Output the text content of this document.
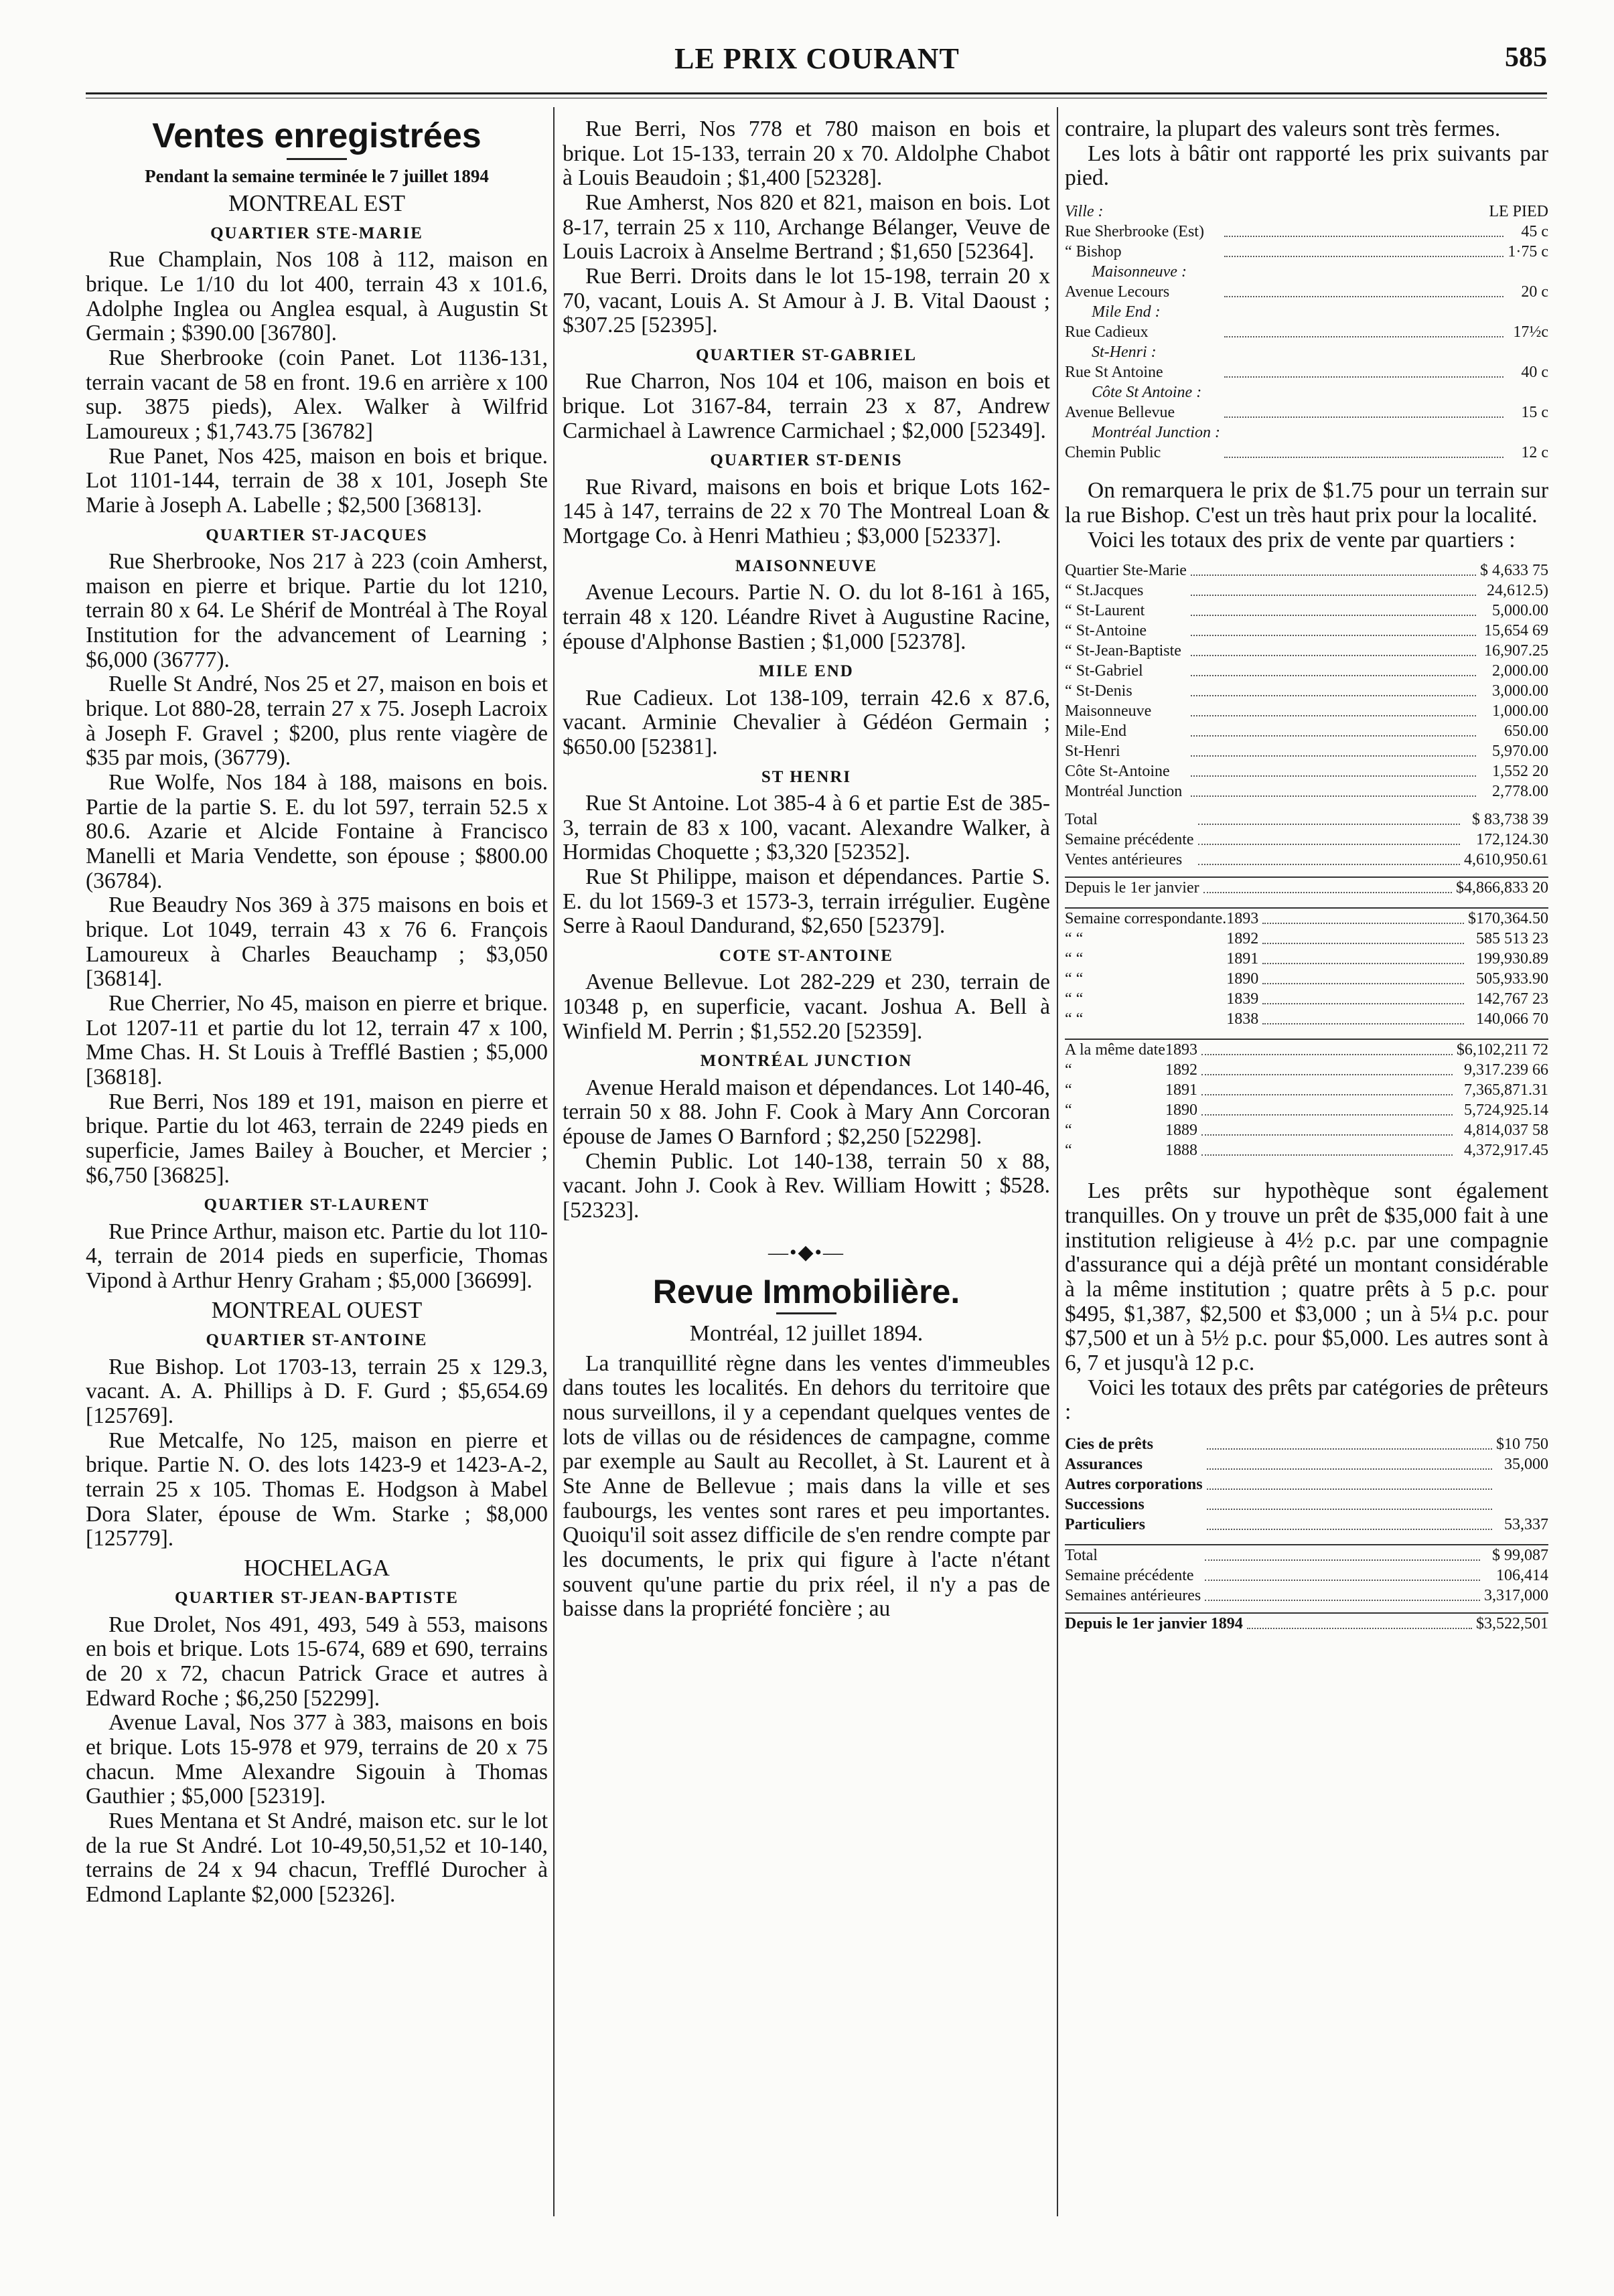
LE PRIX COURANT	585
Ventes enregistrées
Pendant la semaine terminée le 7 juillet 1894
MONTREAL EST
QUARTIER STE-MARIE

Rue Champlain, Nos 108 à 112, maison en brique. Le 1/10 du lot 400, terrain 43 x 101.6, Adolphe Inglea ou Anglea esqual, à Augustin St Germain ; $390.00 [36780].

Rue Sherbrooke (coin Panet. Lot 1136-131, terrain vacant de 58 en front. 19.6 en arrière x 100 sup. 3875 pieds), Alex. Walker à Wilfrid Lamoureux ; $1,743.75 [36782]

Rue Panet, Nos 425, maison en bois et brique. Lot 1101-144, terrain de 38 x 101, Joseph Ste Marie à Joseph A. Labelle ; $2,500 [36813].

QUARTIER ST-JACQUES

Rue Sherbrooke, Nos 217 à 223 (coin Amherst, maison en pierre et brique. Partie du lot 1210, terrain 80 x 64. Le Shérif de Montréal à The Royal Institution for the advancement of Learning ; $6,000 (36777).

Ruelle St André, Nos 25 et 27, maison en bois et brique. Lot 880-28, terrain 27 x 75. Joseph Lacroix à Joseph F. Gravel ; $200, plus rente viagère de $35 par mois, (36779).

Rue Wolfe, Nos 184 à 188, maisons en bois. Partie de la partie S. E. du lot 597, terrain 52.5 x 80.6. Azarie et Alcide Fontaine à Francisco Manelli et Maria Vendette, son épouse ; $800.00 (36784).

Rue Beaudry Nos 369 à 375 maisons en bois et brique. Lot 1049, terrain 43 x 76 6. François Lamoureux à Charles Beauchamp ; $3,050 [36814].

Rue Cherrier, No 45, maison en pierre et brique. Lot 1207-11 et partie du lot 12, terrain 47 x 100, Mme Chas. H. St Louis à Trefflé Bastien ; $5,000 [36818].

Rue Berri, Nos 189 et 191, maison en pierre et brique. Partie du lot 463, terrain de 2249 pieds en superficie, James Bailey à Boucher, et Mercier ; $6,750 [36825].

QUARTIER ST-LAURENT

Rue Prince Arthur, maison etc. Partie du lot 110-4, terrain de 2014 pieds en superficie, Thomas Vipond à Arthur Henry Graham ; $5,000 [36699].

MONTREAL OUEST
QUARTIER ST-ANTOINE

Rue Bishop. Lot 1703-13, terrain 25 x 129.3, vacant. A. A. Phillips à D. F. Gurd ; $5,654.69 [125769].

Rue Metcalfe, No 125, maison en pierre et brique. Partie N. O. des lots 1423-9 et 1423-A-2, terrain 25 x 105. Thomas E. Hodgson à Mabel Dora Slater, épouse de Wm. Starke ; $8,000 [125779].

HOCHELAGA
QUARTIER ST-JEAN-BAPTISTE

Rue Drolet, Nos 491, 493, 549 à 553, maisons en bois et brique. Lots 15-674, 689 et 690, terrains de 20 x 72, chacun Patrick Grace et autres à Edward Roche ; $6,250 [52299].

Avenue Laval, Nos 377 à 383, maisons en bois et brique. Lots 15-978 et 979, terrains de 20 x 75 chacun. Mme Alexandre Sigouin à Thomas Gauthier ; $5,000 [52319].

Rues Mentana et St André, maison etc. sur le lot de la rue St André. Lot 10-49,50,51,52 et 10-140, terrains de 24 x 94 chacun, Trefflé Durocher à Edmond Laplante $2,000 [52326].

Rue Berri, Nos 778 et 780 maison en bois et brique. Lot 15-133, terrain 20 x 70. Aldolphe Chabot à Louis Beaudoin ; $1,400 [52328].

Rue Amherst, Nos 820 et 821, maison en bois. Lot 8-17, terrain 25 x 110, Archange Bélanger, Veuve de Louis Lacroix à Anselme Bertrand ; $1,650 [52364].

Rue Berri. Droits dans le lot 15-198, terrain 20 x 70, vacant, Louis A. St Amour à J. B. Vital Daoust ; $307.25 [52395].

QUARTIER ST-GABRIEL

Rue Charron, Nos 104 et 106, maison en bois et brique. Lot 3167-84, terrain 23 x 87, Andrew Carmichael à Lawrence Carmichael ; $2,000 [52349].

QUARTIER ST-DENIS

Rue Rivard, maisons en bois et brique Lots 162-145 à 147, terrains de 22 x 70 The Montreal Loan & Mortgage Co. à Henri Mathieu ; $3,000 [52337].

MAISONNEUVE

Avenue Lecours. Partie N. O. du lot 8-161 à 165, terrain 48 x 120. Léandre Rivet à Augustine Racine, épouse d'Alphonse Bastien ; $1,000 [52378].

MILE END

Rue Cadieux. Lot 138-109, terrain 42.6 x 87.6, vacant. Arminie Chevalier à Gédéon Germain ; $650.00 [52381].

ST HENRI

Rue St Antoine. Lot 385-4 à 6 et partie Est de 385-3, terrain de 83 x 100, vacant. Alexandre Walker, à Hormidas Choquette ; $3,320 [52352].

Rue St Philippe, maison et dépendances. Partie S. E. du lot 1569-3 et 1573-3, terrain irrégulier. Eugène Serre à Raoul Dandurand, $2,650 [52379].

COTE ST-ANTOINE

Avenue Bellevue. Lot 282-229 et 230, terrain de 10348 p, en superficie, vacant. Joshua A. Bell à Winfield M. Perrin ; $1,552.20 [52359].

MONTRÉAL JUNCTION

Avenue Herald maison et dépendances. Lot 140-46, terrain 50 x 88. John F. Cook à Mary Ann Corcoran épouse de James O Barnford ; $2,250 [52298].

Chemin Public. Lot 140-138, terrain 50 x 88, vacant. John J. Cook à Rev. William Howitt ; $528. [52323].

—•◆•—
Revue Immobilière.
Montréal, 12 juillet 1894.

La tranquillité règne dans les ventes d'immeubles dans toutes les localités. En dehors du territoire que nous surveillons, il y a cependant quelques ventes de lots de villas ou de résidences de campagne, comme par exemple au Sault au Recollet, à St. Laurent et à Ste Anne de Bellevue ; mais dans la ville et ses faubourgs, les ventes sont rares et peu importantes. Quoiqu'il soit assez difficile de s'en rendre compte par les documents, le prix qui figure à l'acte n'étant souvent qu'une partie du prix réel, il n'y a pas de baisse dans la propriété foncière ; au

contraire, la plupart des valeurs sont très fermes.

Les lots à bâtir ont rapporté les prix suivants par pied.

Ville :	LE PIED
Rue Sherbrooke (Est)		45 c
“ Bishop		1·75 c
Maisonneuve :		
Avenue Lecours		20 c
Mile End :		
Rue Cadieux		17½c
St-Henri :		
Rue St Antoine		40 c
Côte St Antoine :		
Avenue Bellevue		15 c
Montréal Junction :		
Chemin Public		12 c

On remarquera le prix de $1.75 pour un terrain sur la rue Bishop. C'est un très haut prix pour la localité.

Voici les totaux des prix de vente par quartiers :

Quartier Ste-Marie		$ 4,633 75
“ St.Jacques		24,612.5)
“ St-Laurent		5,000.00
“ St-Antoine		15,654 69
“ St-Jean-Baptiste		16,907.25
“ St-Gabriel		2,000.00
“ St-Denis		3,000.00
Maisonneuve		1,000.00
Mile-End		650.00
St-Henri		5,970.00
Côte St-Antoine		1,552 20
Montréal Junction		2,778.00
Total		$ 83,738 39
Semaine précédente		172,124.30
Ventes antérieures		4,610,950.61
Depuis le 1er janvier		$4,866,833 20
Semaine correspondante.	1893		$170,364.50
“ “	1892		585 513 23
“ “	1891		199,930.89
“ “	1890		505,933.90
“ “	1839		142,767 23
“ “	1838		140,066 70
A la même date	1893		$6,102,211 72
“	1892		9,317.239 66
“	1891		7,365,871.31
“	1890		5,724,925.14
“	1889		4,814,037 58
“	1888		4,372,917.45

Les prêts sur hypothèque sont également tranquilles. On y trouve un prêt de $35,000 fait à une institution religieuse à 4½ p.c. par une compagnie d'assurance qui a déjà prêté un montant considérable à la même institution ; quatre prêts à 5 p.c. pour $495, $1,387, $2,500 et $3,000 ; un à 5¼ p.c. pour $7,500 et un à 5½ p.c. pour $5,000. Les autres sont à 6, 7 et jusqu'à 12 p.c.

Voici les totaux des prêts par catégories de prêteurs :

Cies de prêts		$10 750
Assurances		35,000
Autres corporations	

Successions	

Particuliers		53,337
Total		$ 99,087
Semaine précédente		106,414
Semaines antérieures		3,317,000
Depuis le 1er janvier 1894		$3,522,501
